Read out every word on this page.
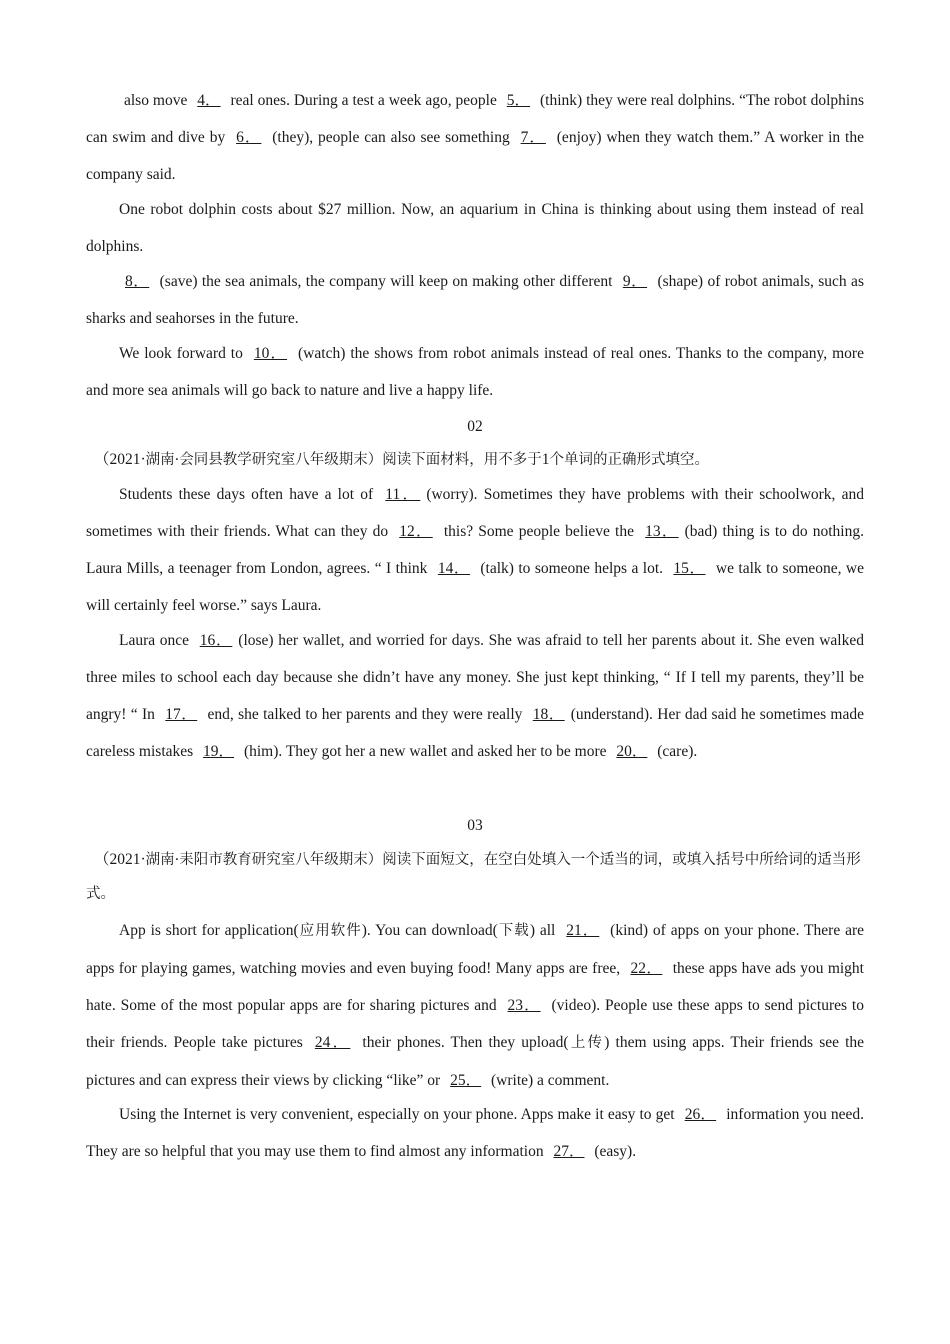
also move 4． real ones. During a test a week ago, people 5． (think) they were real dolphins. “The robot dolphins can swim and dive by 6． (they), people can also see something 7． (enjoy) when they watch them.” A worker in the company said.

One robot dolphin costs about $27 million. Now, an aquarium in China is thinking about using them instead of real dolphins.

8． (save) the sea animals, the company will keep on making other different 9． (shape) of robot animals, such as sharks and seahorses in the future.

We look forward to 10． (watch) the shows from robot animals instead of real ones. Thanks to the company, more and more sea animals will go back to nature and live a happy life.

02

（2021·湖南·会同县教学研究室八年级期末）阅读下面材料，用不多于1个单词的正确形式填空。

Students these days often have a lot of 11． (worry). Sometimes they have problems with their schoolwork, and sometimes with their friends. What can they do 12． this? Some people believe the 13． (bad) thing is to do nothing. Laura Mills, a teenager from London, agrees. “ I think 14． (talk) to someone helps a lot. 15． we talk to someone, we will certainly feel worse.” says Laura.

Laura once 16． (lose) her wallet, and worried for days. She was afraid to tell her parents about it. She even walked three miles to school each day because she didn’t have any money. She just kept thinking, “ If I tell my parents, they’ll be angry! “ In 17． end, she talked to her parents and they were really 18． (understand). Her dad said he sometimes made careless mistakes 19． (him). They got her a new wallet and asked her to be more 20． (care).

03

（2021·湖南·耒阳市教育研究室八年级期末）阅读下面短文，在空白处填入一个适当的词，或填入括号中所给词的适当形式。

App is short for application(应用软件). You can download(下载) all 21． (kind) of apps on your phone. There are apps for playing games, watching movies and even buying food! Many apps are free, 22． these apps have ads you might hate. Some of the most popular apps are for sharing pictures and 23． (video). People use these apps to send pictures to their friends. People take pictures 24． their phones. Then they upload(上传) them using apps. Their friends see the pictures and can express their views by clicking “like” or 25． (write) a comment.

Using the Internet is very convenient, especially on your phone. Apps make it easy to get 26． information you need. They are so helpful that you may use them to find almost any information 27． (easy).
